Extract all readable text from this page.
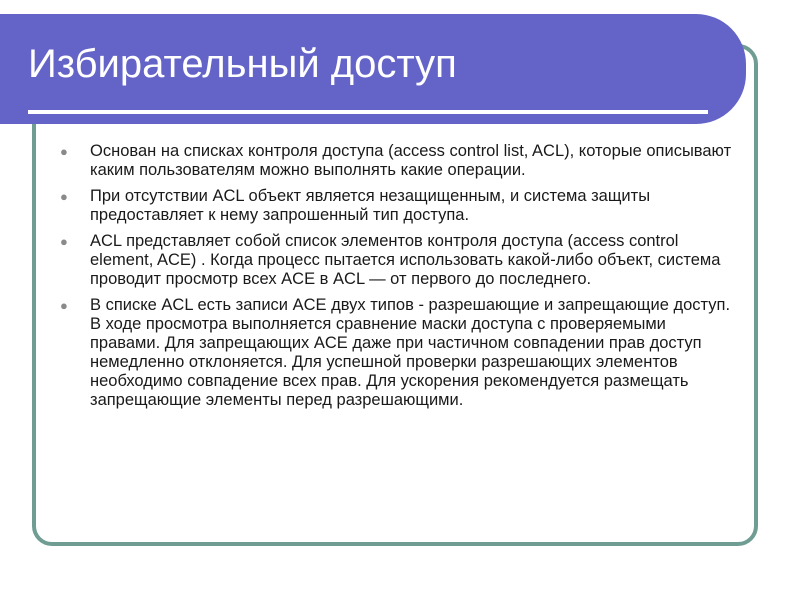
Избирательный доступ
● Основан на списках контроля доступа (access control list, ACL), которые описывают каким пользователям можно выполнять какие операции.
● При отсутствии ACL объект является незащищенным, и система защиты предоставляет к нему запрошенный тип доступа.
● ACL представляет собой список элементов контроля доступа (access control element, ACE) . Когда процесс пытается использовать какой-либо объект, система проводит просмотр всех ACE в ACL — от первого до последнего.
● В списке ACL есть записи ACE двух типов - разрешающие и запрещающие доступ. В ходе просмотра выполняется сравнение маски доступа с проверяемыми правами. Для запрещающих ACE даже при частичном совпадении прав доступ немедленно отклоняется. Для успешной проверки разрешающих элементов необходимо совпадение всех прав. Для ускорения рекомендуется размещать запрещающие элементы перед разрешающими.
